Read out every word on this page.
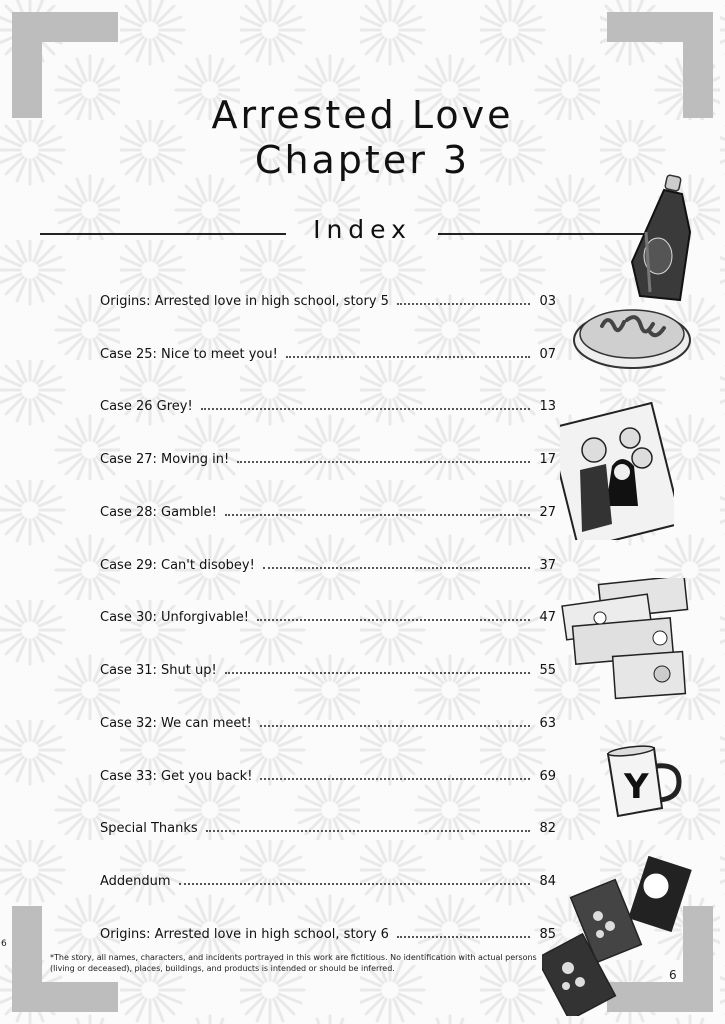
Arrested Love
Chapter 3
Index
Origins: Arrested love in high school, story 5	03
Case 25: Nice to meet you!	07
Case 26 Grey!	13
Case 27: Moving in!	17
Case 28: Gamble!	27
Case 29: Can't disobey!	37
Case 30: Unforgivable!	47
Case 31: Shut up!	55
Case 32: We can meet!	63
Case 33: Get you back!	69
Special Thanks	82
Addendum	84
Origins: Arrested love in high school, story 6	85
Y
*The story, all names, characters, and incidents portrayed in this work are fictitious. No identification with actual persons (living or deceased), places, buildings, and products is intended or should be inferred.	6
6
